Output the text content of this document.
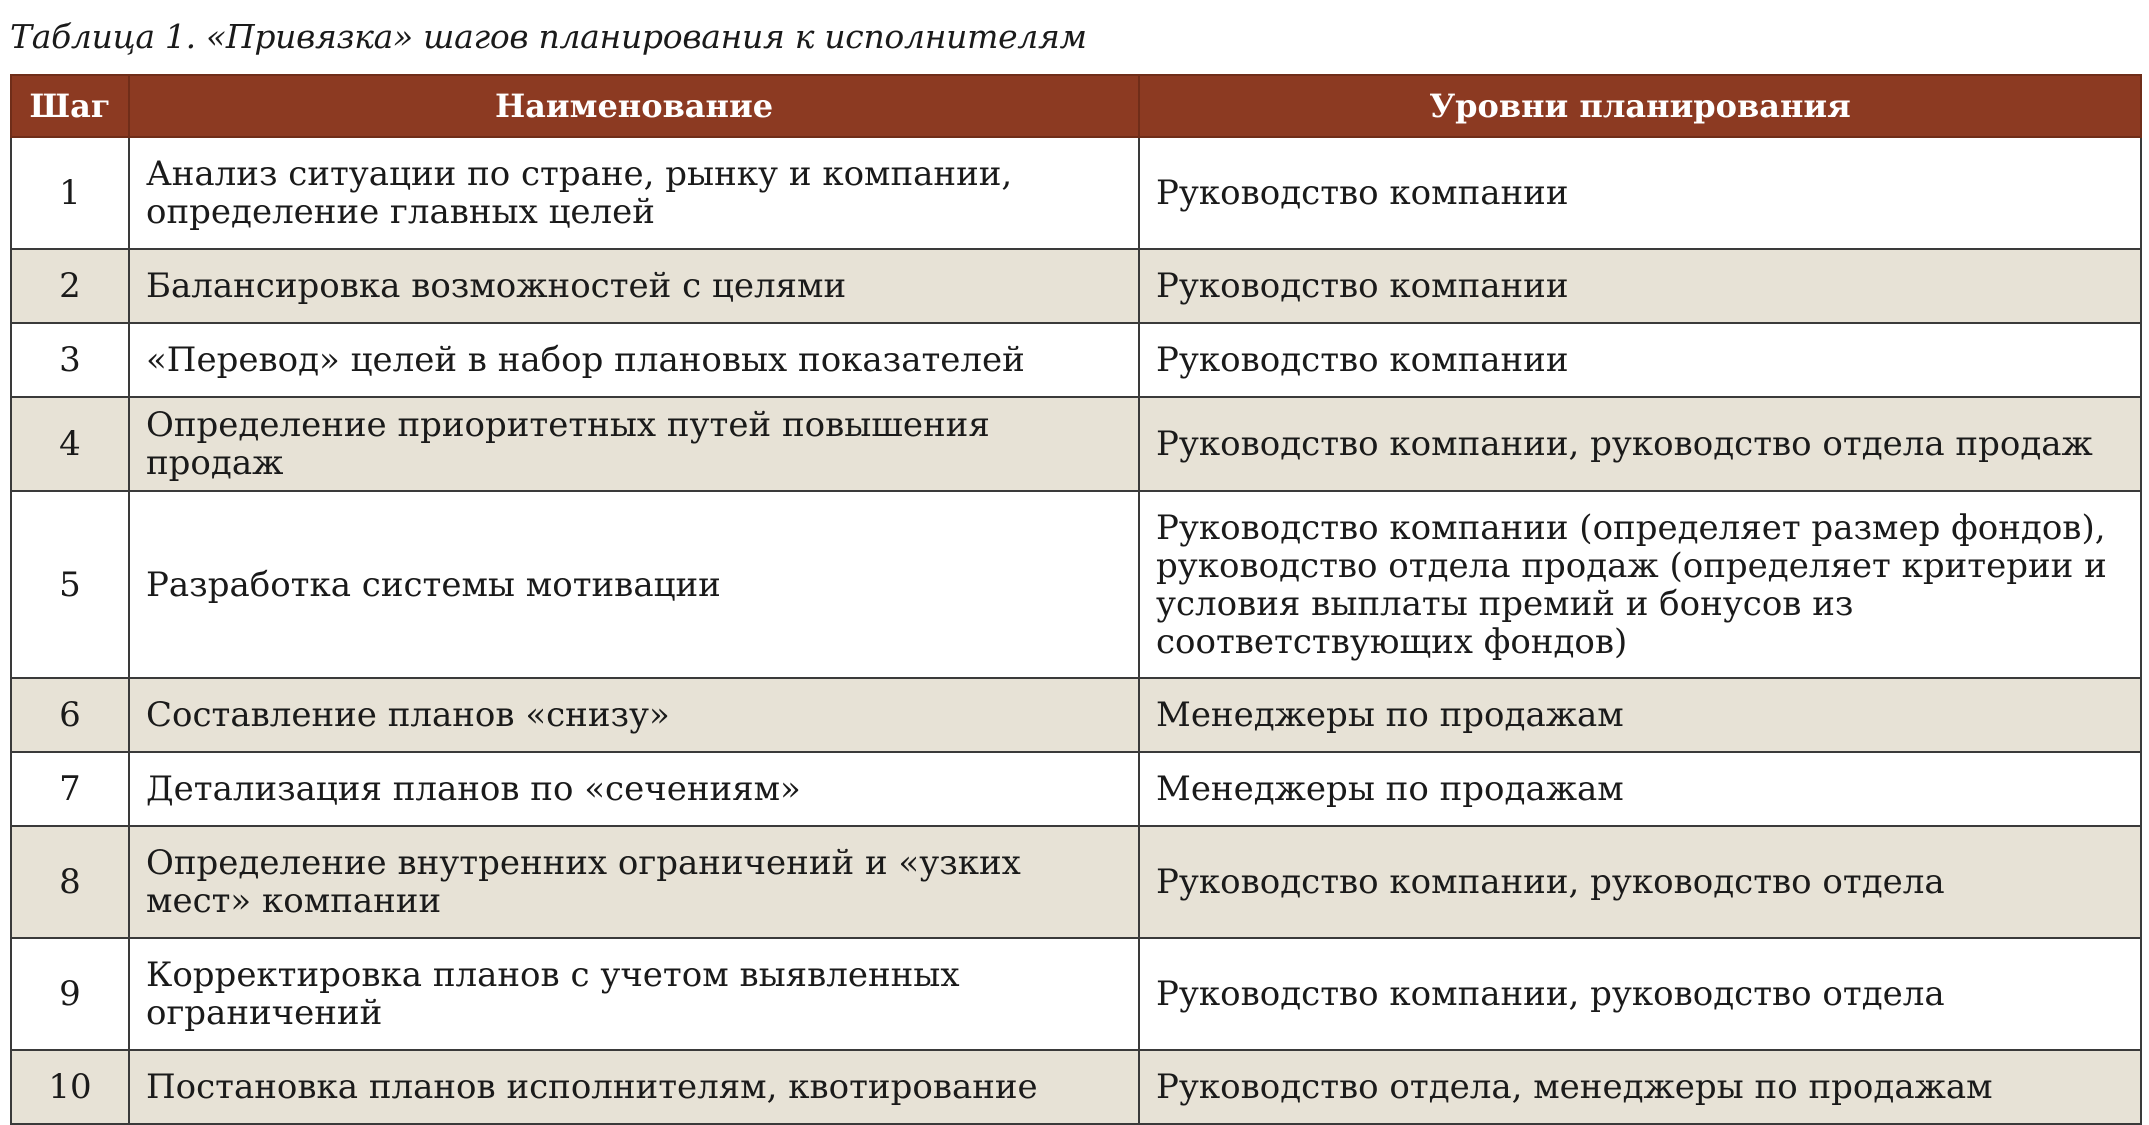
Таблица 1. «Привязка» шагов планирования к исполнителям
Шаг	Наименование	Уровни планирования
1	Анализ ситуации по стране, рынку и компании, определение главных целей	Руководство компании
2	Балансировка возможностей с целями	Руководство компании
3	«Перевод» целей в набор плановых показателей	Руководство компании
4	Определение приоритетных путей повышения продаж	Руководство компании, руководство отдела продаж
5	Разработка системы мотивации	Руководство компании (определяет размер фондов), руководство отдела продаж (определяет критерии и условия выплаты премий и бонусов из соответствующих фондов)
6	Составление планов «снизу»	Менеджеры по продажам
7	Детализация планов по «сечениям»	Менеджеры по продажам
8	Определение внутренних ограничений и «узких мест» компании	Руководство компании, руководство отдела
9	Корректировка планов с учетом выявленных ограничений	Руководство компании, руководство отдела
10	Постановка планов исполнителям, квотирование	Руководство отдела, менеджеры по продажам
